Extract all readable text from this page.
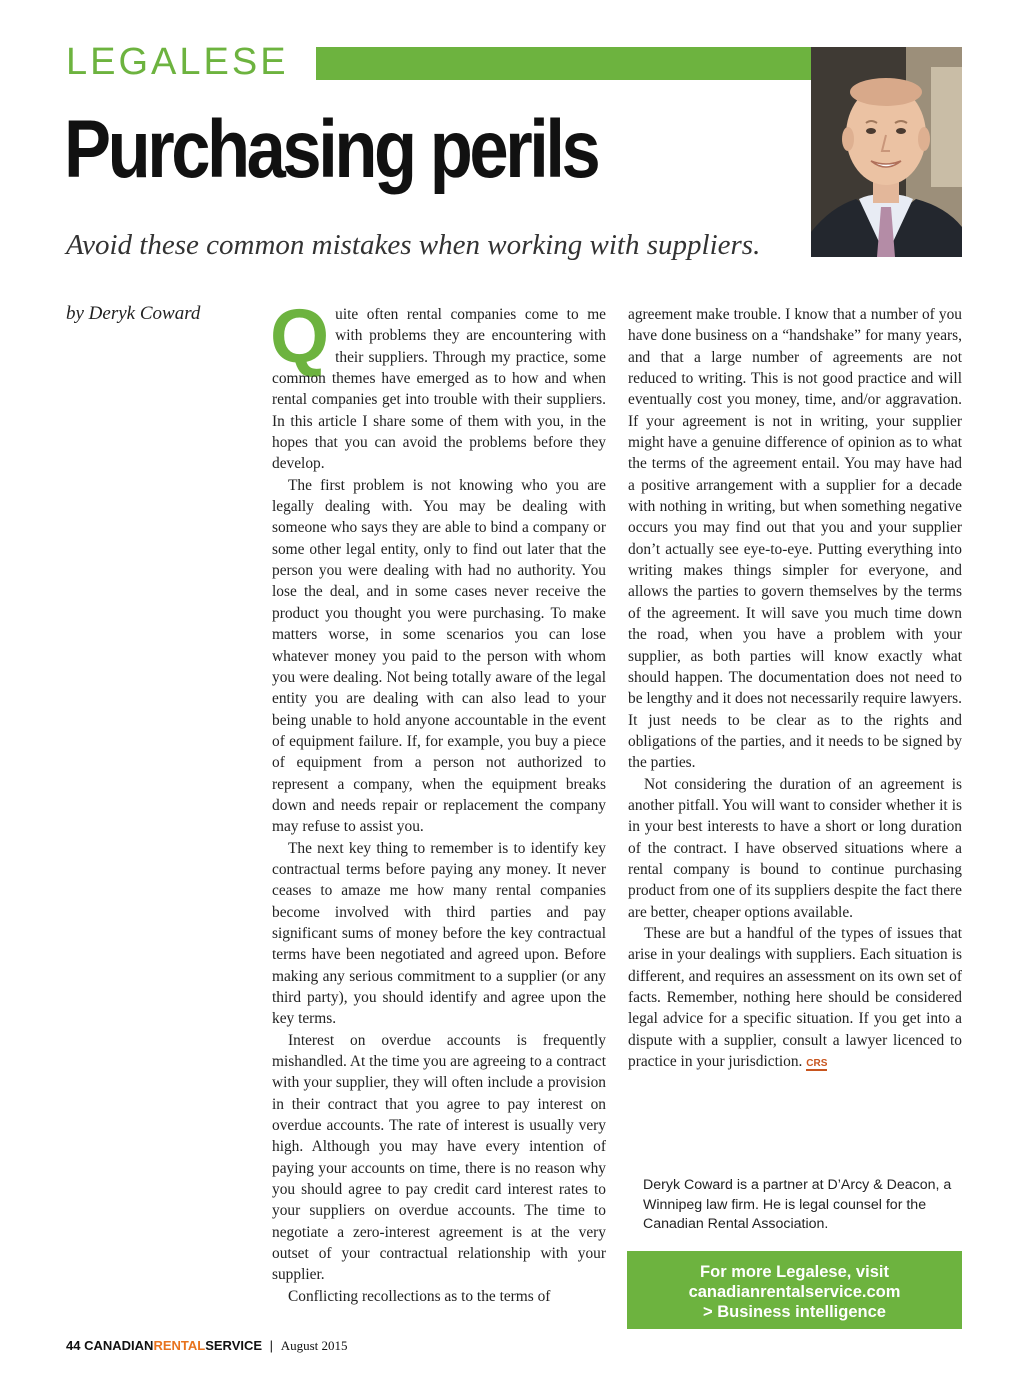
LEGALESE
Purchasing perils
Avoid these common mistakes when working with suppliers.
by Deryk Coward Quite often rental companies come to me with problems they are encountering with their suppliers. Through my practice, some common themes have emerged as to how and when rental companies get into trouble with their suppliers. In this article I share some of them with you, in the hopes that you can avoid the problems before they develop.

The first problem is not knowing who you are legally dealing with. You may be dealing with someone who says they are able to bind a company or some other legal entity, only to find out later that the person you were dealing with had no authority. You lose the deal, and in some cases never receive the product you thought you were purchasing. To make matters worse, in some scenarios you can lose whatever money you paid to the person with whom you were dealing. Not being totally aware of the legal entity you are dealing with can also lead to your being unable to hold anyone accountable in the event of equipment failure. If, for example, you buy a piece of equipment from a person not authorized to represent a company, when the equipment breaks down and needs repair or replacement the company may refuse to assist you.

The next key thing to remember is to identify key contractual terms before paying any money. It never ceases to amaze me how many rental companies become involved with third parties and pay significant sums of money before the key contractual terms have been negotiated and agreed upon. Before making any serious commitment to a supplier (or any third party), you should identify and agree upon the key terms.

Interest on overdue accounts is frequently mishandled. At the time you are agreeing to a contract with your supplier, they will often include a provision in their contract that you agree to pay interest on overdue accounts. The rate of interest is usually very high. Although you may have every intention of paying your accounts on time, there is no reason why you should agree to pay credit card interest rates to your suppliers on overdue accounts. The time to negotiate a zero-interest agreement is at the very outset of your contractual relationship with your supplier.

Conflicting recollections as to the terms of

agreement make trouble. I know that a number of you have done business on a “handshake” for many years, and that a large number of agreements are not reduced to writing. This is not good practice and will eventually cost you money, time, and/or aggravation. If your agreement is not in writing, your supplier might have a genuine difference of opinion as to what the terms of the agreement entail. You may have had a positive arrangement with a supplier for a decade with nothing in writing, but when something negative occurs you may find out that you and your supplier don’t actually see eye-to-eye. Putting everything into writing makes things simpler for everyone, and allows the parties to govern themselves by the terms of the agreement. It will save you much time down the road, when you have a problem with your supplier, as both parties will know exactly what should happen. The documentation does not need to be lengthy and it does not necessarily require lawyers. It just needs to be clear as to the rights and obligations of the parties, and it needs to be signed by the parties.

Not considering the duration of an agreement is another pitfall. You will want to consider whether it is in your best interests to have a short or long duration of the contract. I have observed situations where a rental company is bound to continue purchasing product from one of its suppliers despite the fact there are better, cheaper options available.

These are but a handful of the types of issues that arise in your dealings with suppliers. Each situation is different, and requires an assessment on its own set of facts. Remember, nothing here should be considered legal advice for a specific situation. If you get into a dispute with a supplier, consult a lawyer licenced to practice in your jurisdiction. CRS

Deryk Coward is a partner at D’Arcy & Deacon, a Winnipeg law firm. He is legal counsel for the Canadian Rental Association.
For more Legalese, visit
canadianrentalservice.com
> Business intelligence
44 CANADIANRENTALSERVICE | August 2015
